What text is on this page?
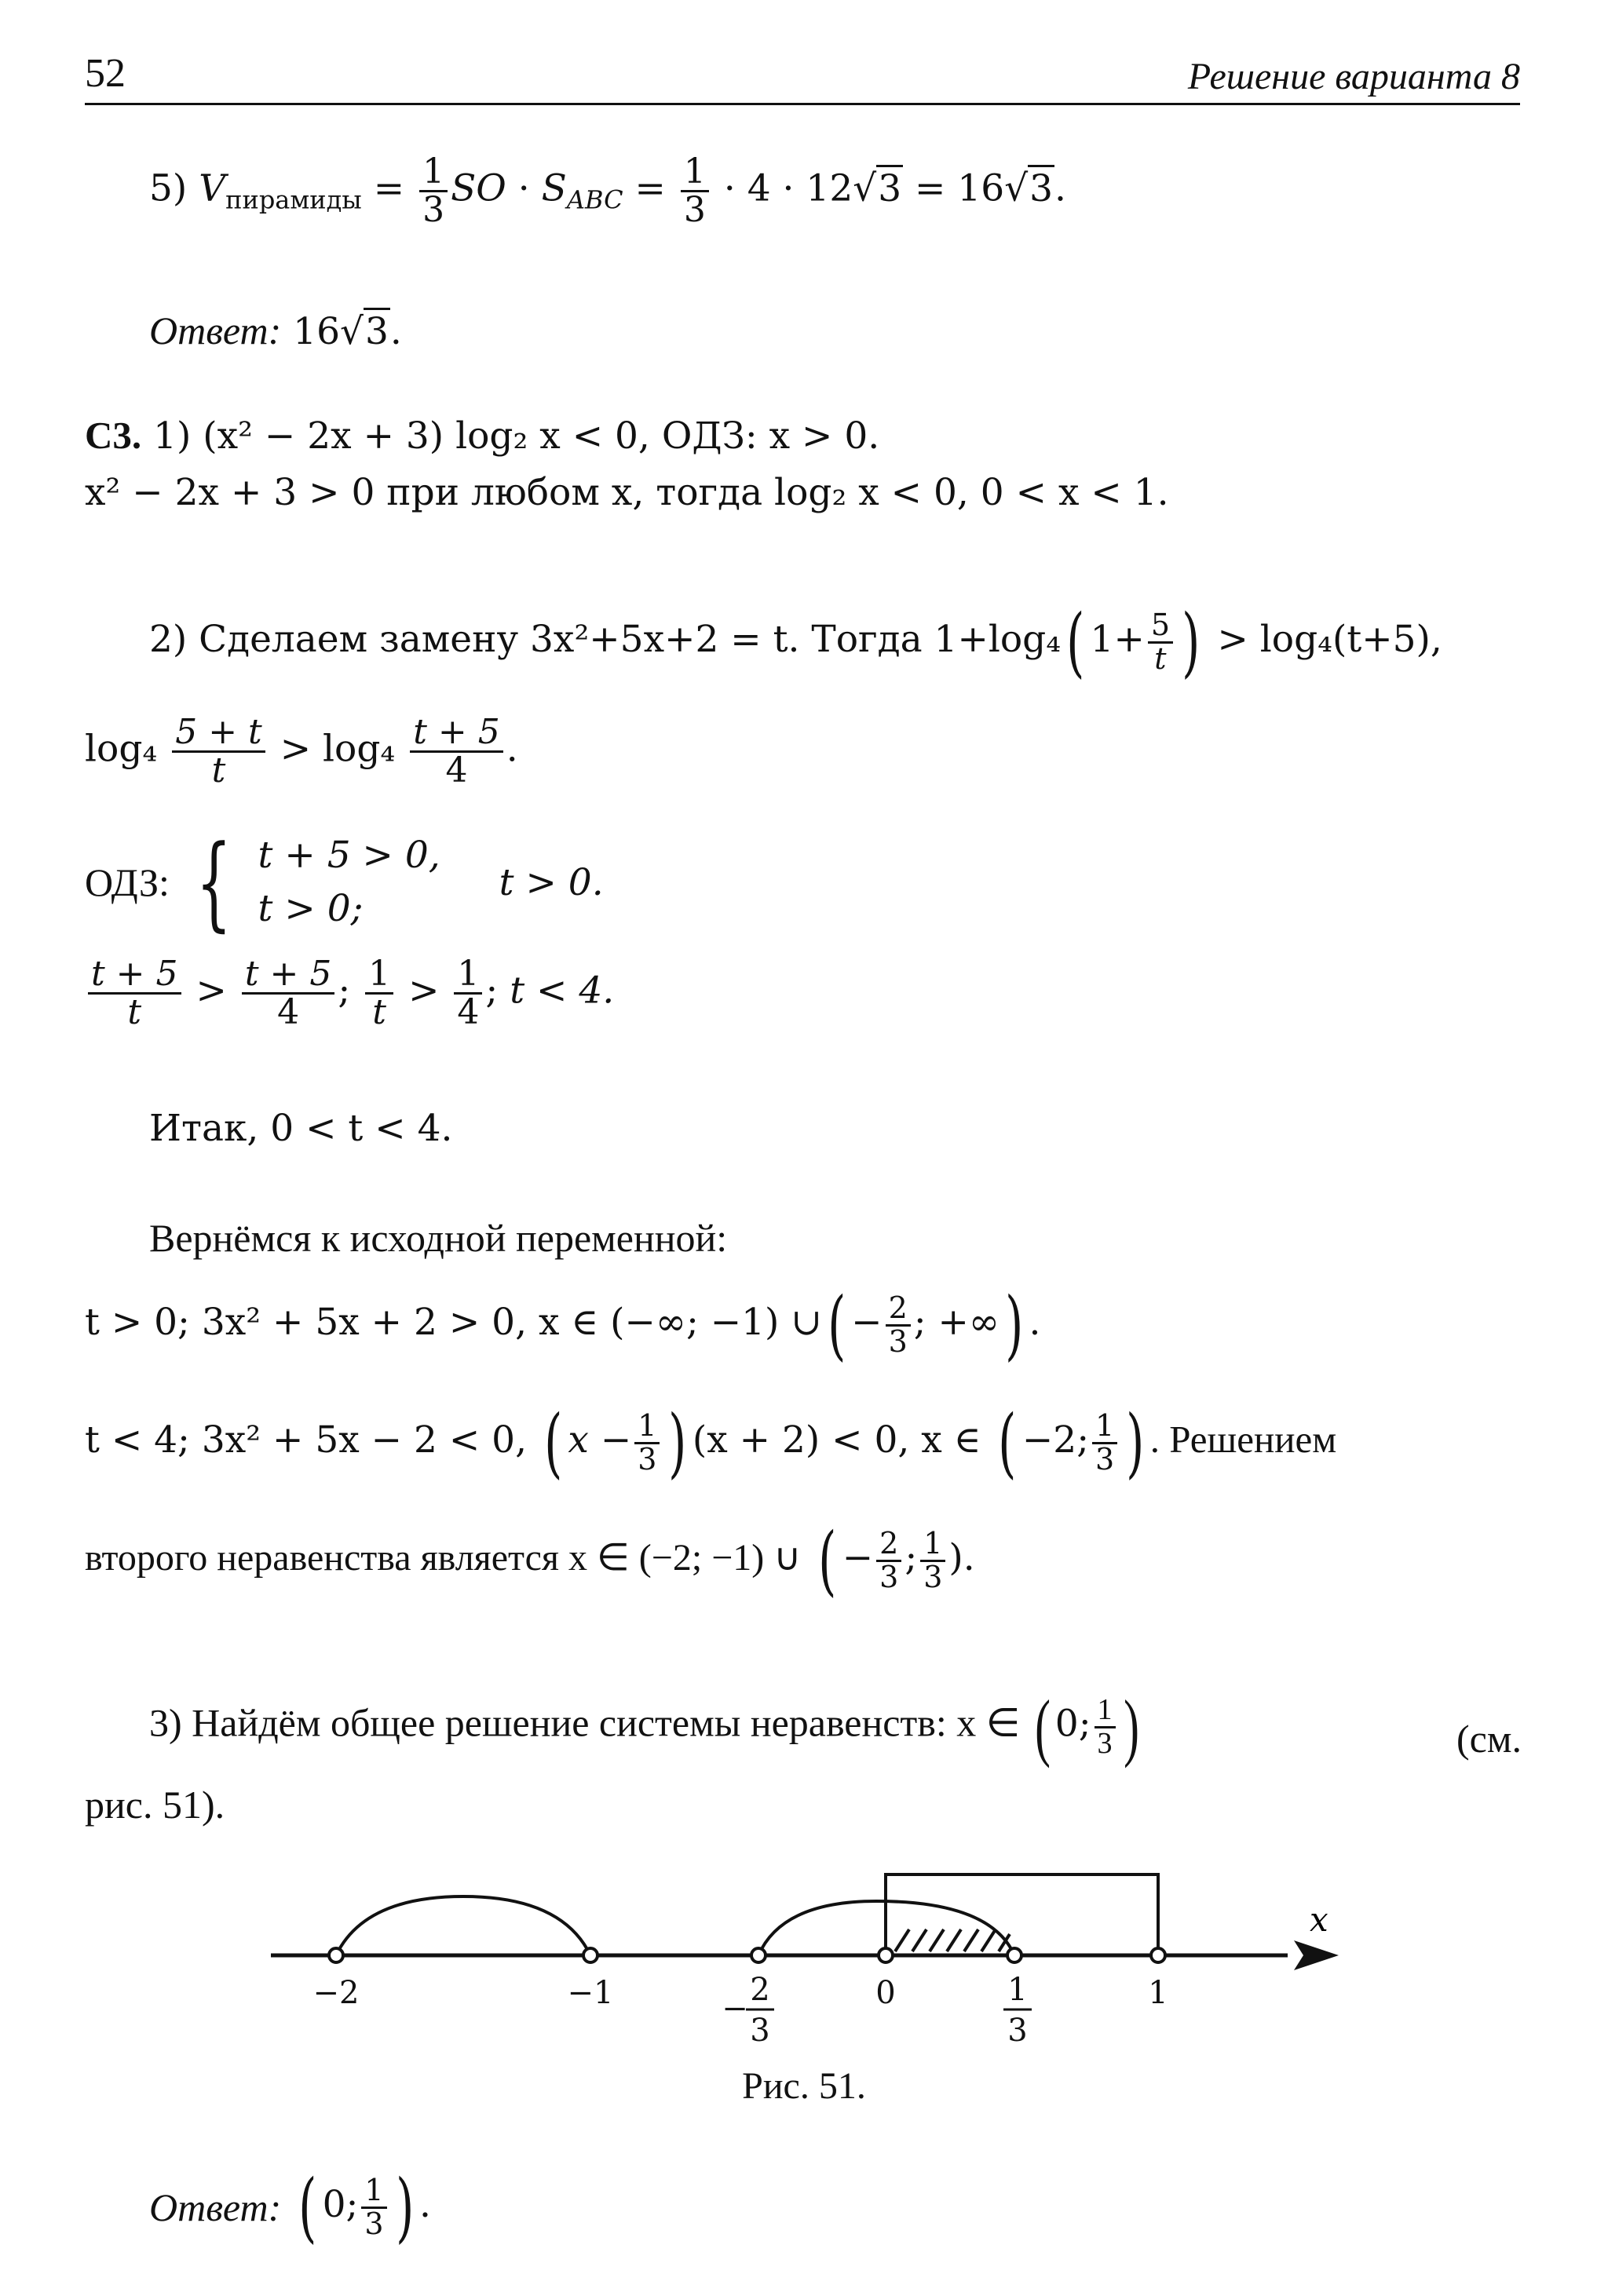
52	Решение варианта 8
5) $V_{пирамиды} = \frac{1}{3}$ SO · $S_{ABC} = \frac{1}{3} \cdot 4 \cdot 12√3 = 16√3$.
Ответ: 16√3.
С3. 1) (x² − 2x + 3) log₂ x < 0, ОДЗ: x > 0.
x² − 2x + 3 > 0 при любом x, тогда log₂ x < 0, 0 < x < 1.
2) Сделаем замену 3x²+5x+2 = t. Тогда 1+log₄( $1+ \frac{5}{t}$ ) > log₄(t+5),
$\log_4 \frac{5 + t}{t} > \log_4 \frac{t + 5}{4}$ .
ОДЗ: { t + 5 > 0,
t > 0;
t > 0.
$\frac{t + 5}{t} > \frac{t + 5}{4}$ ; $\frac{1}{t} > \frac{1}{4}$ ; t < 4.
Итак, 0 < t < 4.
Вернёмся к исходной переменной:
t > 0; 3x² + 5x + 2 > 0, x ∈ (−∞; −1) ∪( − $\frac{2}{3}$ ; +∞) .
t < 4; 3x² + 5x − 2 < 0, ( $x - \frac{1}{3}$ ) (x + 2) < 0, x ∈ ( −2; $\frac{1}{3}$ ) . Решением
второго неравенства является x ∈ (−2; −1) ∪ ( − $\frac{2}{3}$ ; $\frac{1}{3}$ ).
3) Найдём общее решение системы неравенств: x ∈ ( 0; $\frac{1}{3}$ )	(см.
рис. 51).
x
−2	−1	−
2
3
0	1
3
1
Рис. 51.
Ответ: ( 0; $\frac{1}{3}$ ) .
